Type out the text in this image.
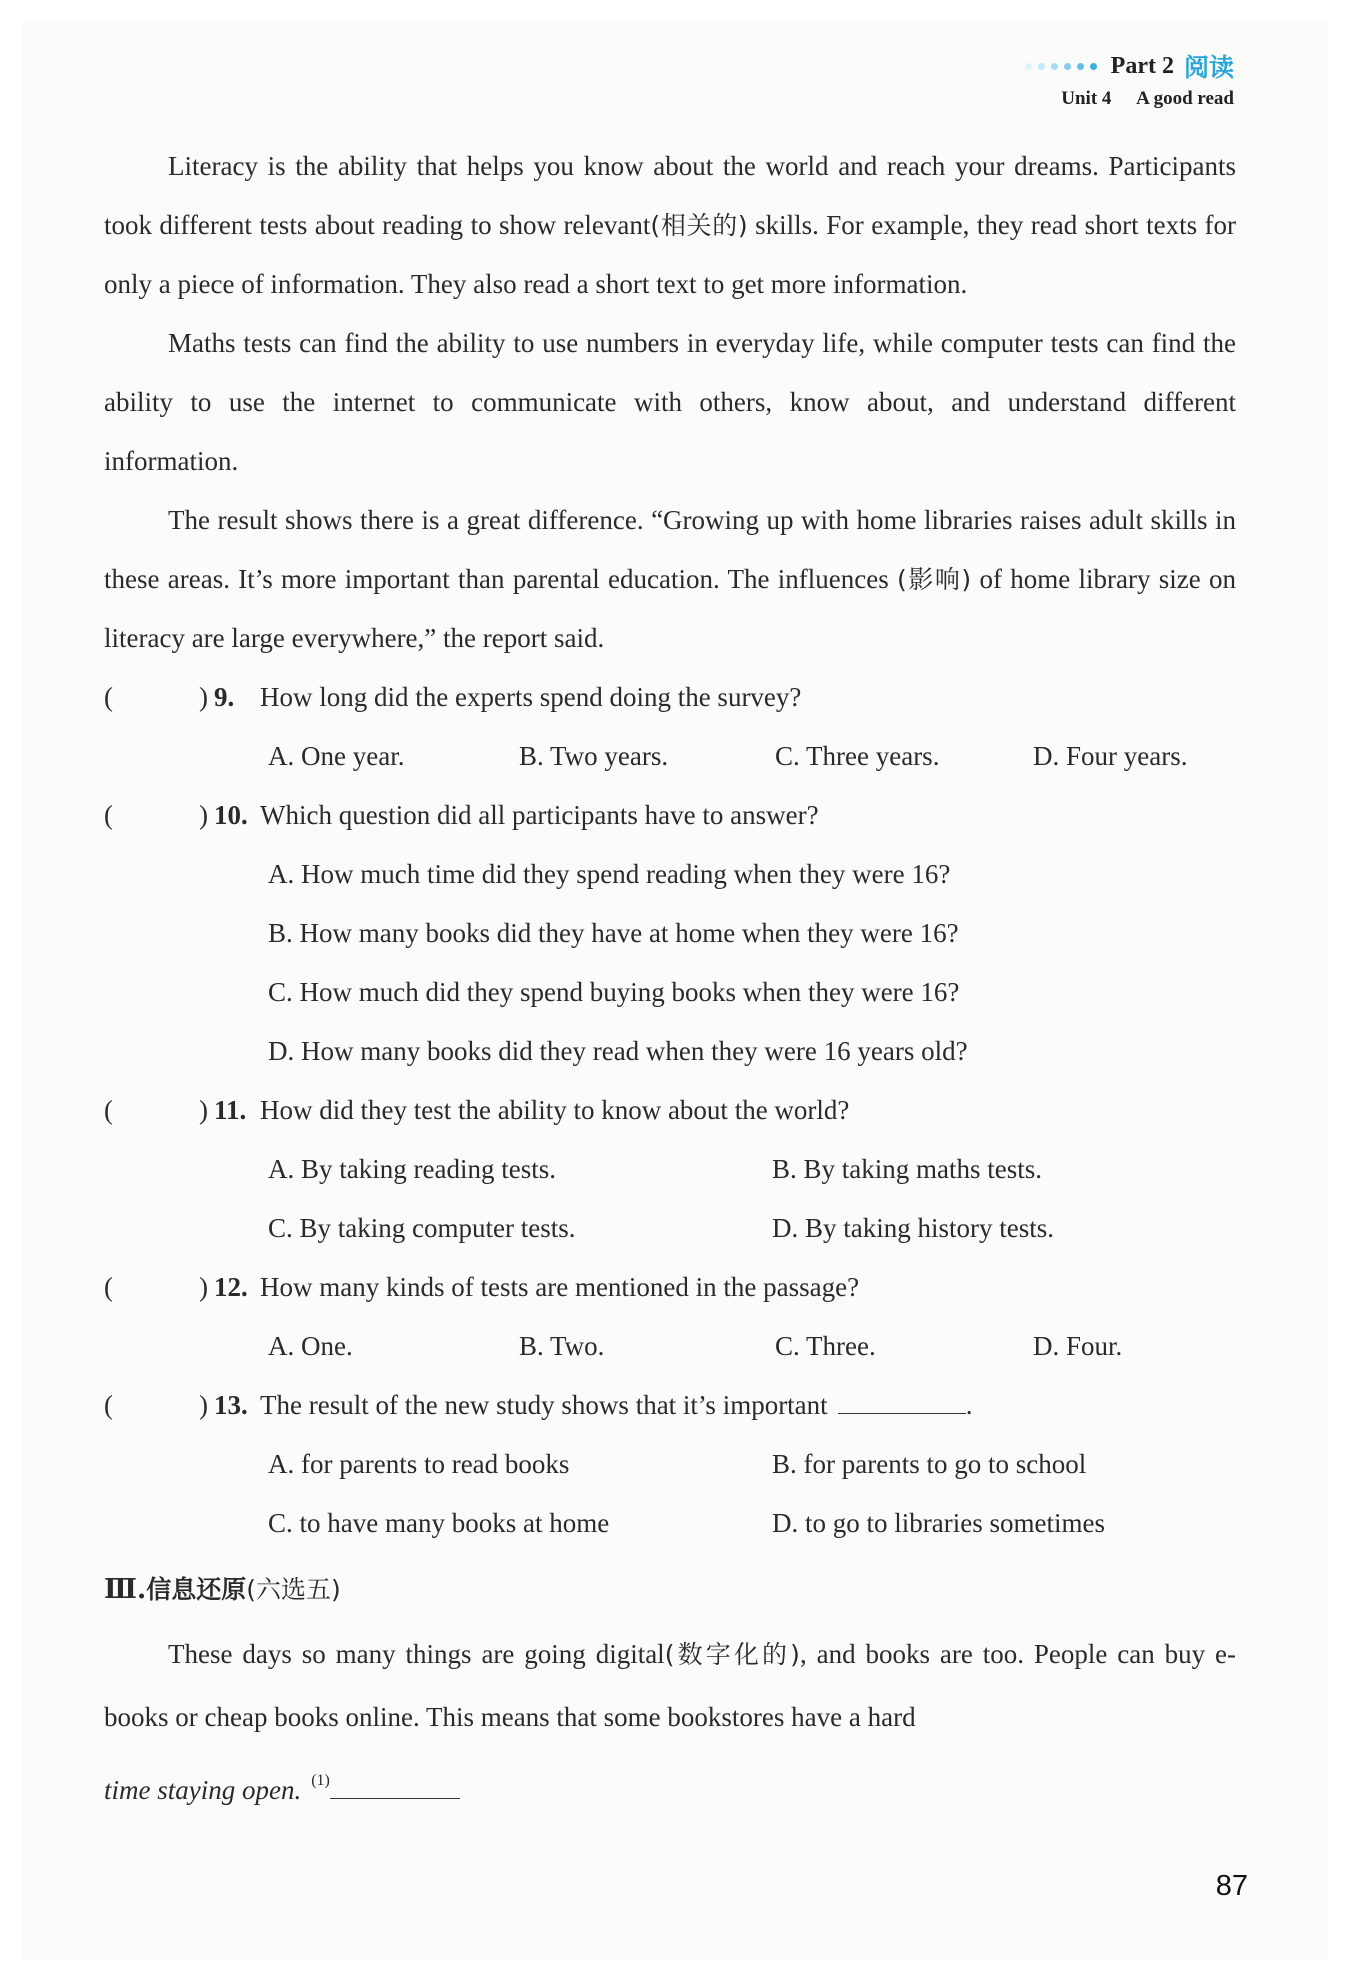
Part 2 阅读
Unit 4 A good read

Literacy is the ability that helps you know about the world and reach your dreams. Participants took different tests about reading to show relevant(相关的) skills. For example, they read short texts for only a piece of information. They also read a short text to get more information.

Maths tests can find the ability to use numbers in everyday life, while computer tests can find the ability to use the internet to communicate with others, know about, and understand different information.

The result shows there is a great difference. “Growing up with home libraries raises adult skills in these areas. It’s more important than parental education. The influences (影响) of home library size on literacy are large everywhere,” the report said.

(	) 9. How long did the experts spend doing the survey?
A. One year.	B. Two years.	C. Three years.	D. Four years.
(	) 10. Which question did all participants have to answer?
A. How much time did they spend reading when they were 16?
B. How many books did they have at home when they were 16?
C. How much did they spend buying books when they were 16?
D. How many books did they read when they were 16 years old?
(	) 11. How did they test the ability to know about the world?
A. By taking reading tests.	B. By taking maths tests.
C. By taking computer tests.	D. By taking history tests.
(	) 12. How many kinds of tests are mentioned in the passage?
A. One.	B. Two.	C. Three.	D. Four.
(	) 13. The result of the new study shows that it’s important	.
A. for parents to read books	B. for parents to go to school
C. to have many books at home	D. to go to libraries sometimes
Ⅲ.信息还原(六选五)

These days so many things are going digital(数字化的), and books are too. People can buy e-books or cheap books online. This means that some bookstores have a hard

time staying open. $^{(1)}$
87
